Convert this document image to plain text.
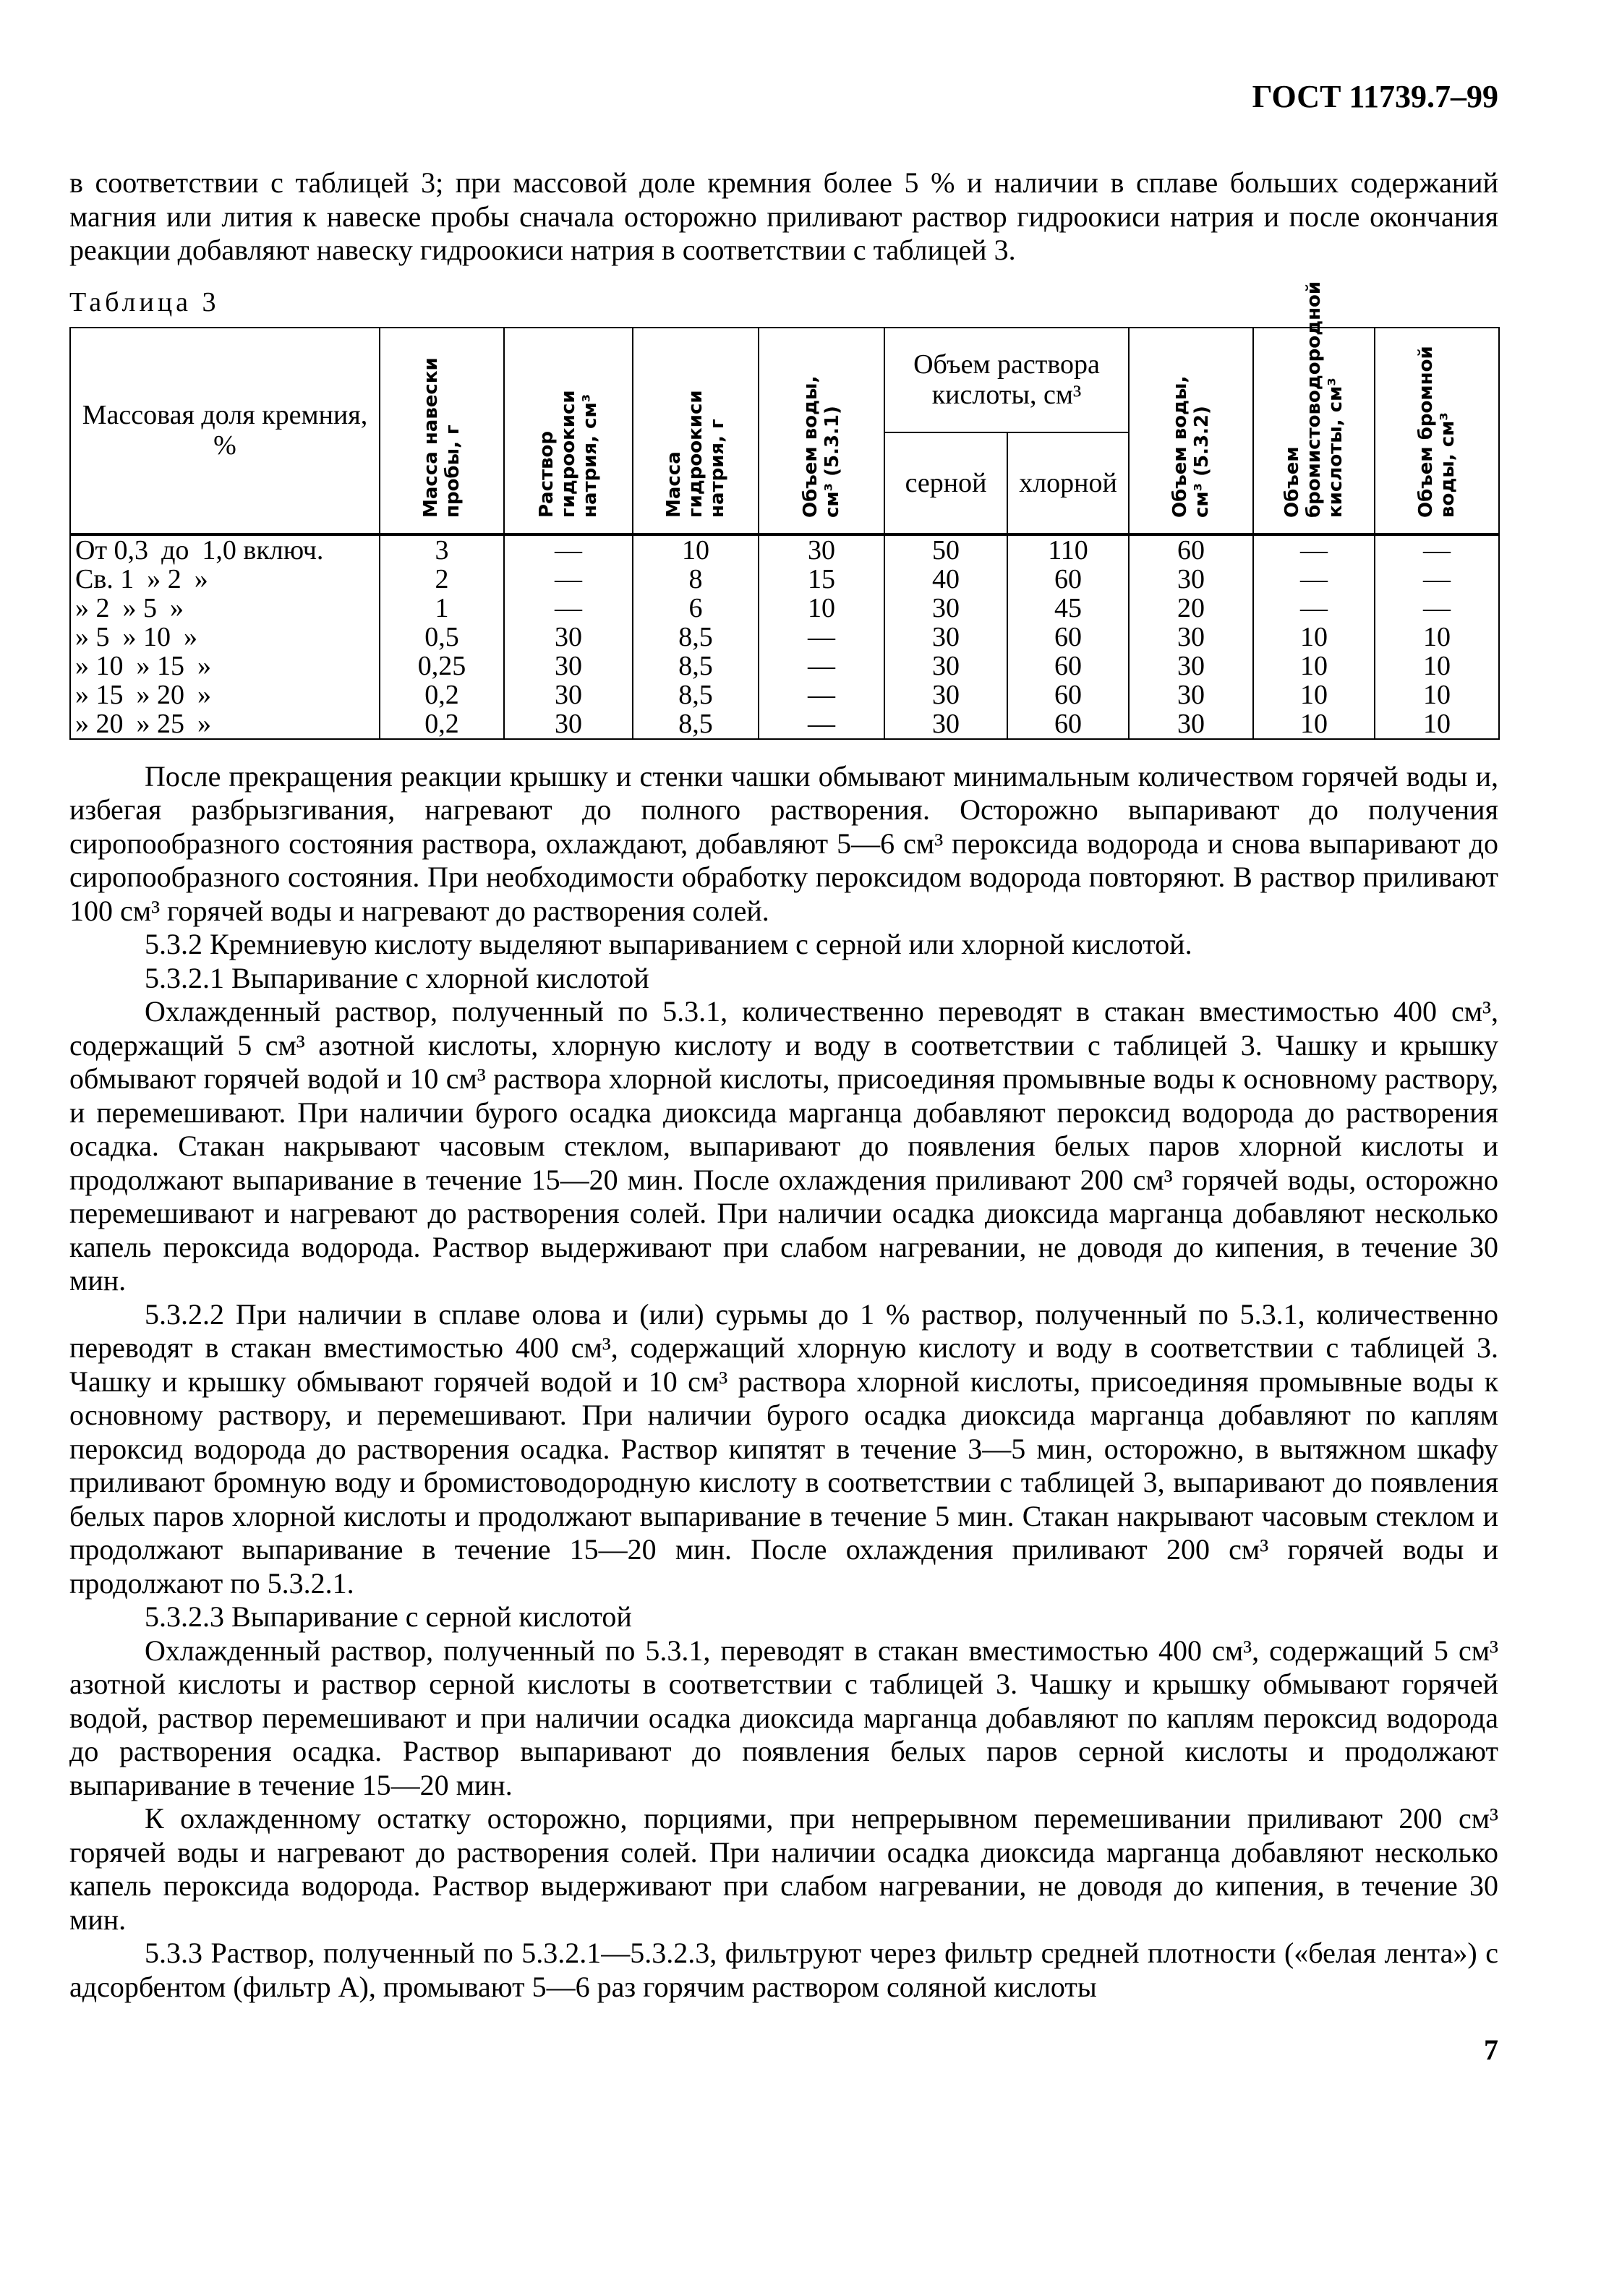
ГОСТ 11739.7–99

в соответствии с таблицей 3; при массовой доле кремния более 5 % и наличии в сплаве больших содержаний магния или лития к навеске пробы сначала осторожно приливают раствор гидроокиси натрия и после окончания реакции добавляют навеску гидроокиси натрия в соответствии с таблицей 3.

Таблица 3
Массовая доля кремния, %	Масса навески пробы, г	Раствор гидроокиси натрия, см³	Масса гидроокиси натрия, г	Объем воды, см³ (5.3.1)	Объем раствора кислоты, см³		Объем воды, см³ (5.3.2)	Объем бромистоводородной кислоты, см³	Объем бромной воды, см³
					серной	хлорной			
От 0,3 до 1,0 включ.	3	—	10	30	50	110	60	—	—
Св. 1 » 2 »	2	—	8	15	40	60	30	—	—
» 2 » 5 »	1	—	6	10	30	45	20	—	—
» 5 » 10 »	0,5	30	8,5	—	30	60	30	10	10
» 10 » 15 »	0,25	30	8,5	—	30	60	30	10	10
» 15 » 20 »	0,2	30	8,5	—	30	60	30	10	10
» 20 » 25 »	0,2	30	8,5	—	30	60	30	10	10

После прекращения реакции крышку и стенки чашки обмывают минимальным количеством горячей воды и, избегая разбрызгивания, нагревают до полного растворения. Осторожно выпаривают до получения сиропообразного состояния раствора, охлаждают, добавляют 5—6 см³ пероксида водорода и снова выпаривают до сиропообразного состояния. При необходимости обработку пероксидом водорода повторяют. В раствор приливают 100 см³ горячей воды и нагревают до растворения солей.

5.3.2 Кремниевую кислоту выделяют выпариванием с серной или хлорной кислотой.

5.3.2.1 Выпаривание с хлорной кислотой

Охлажденный раствор, полученный по 5.3.1, количественно переводят в стакан вместимостью 400 см³, содержащий 5 см³ азотной кислоты, хлорную кислоту и воду в соответствии с таблицей 3. Чашку и крышку обмывают горячей водой и 10 см³ раствора хлорной кислоты, присоединяя промывные воды к основному раствору, и перемешивают. При наличии бурого осадка диоксида марганца добавляют пероксид водорода до растворения осадка. Стакан накрывают часовым стеклом, выпаривают до появления белых паров хлорной кислоты и продолжают выпаривание в течение 15—20 мин. После охлаждения приливают 200 см³ горячей воды, осторожно перемешивают и нагревают до растворения солей. При наличии осадка диоксида марганца добавляют несколько капель пероксида водорода. Раствор выдерживают при слабом нагревании, не доводя до кипения, в течение 30 мин.

5.3.2.2 При наличии в сплаве олова и (или) сурьмы до 1 % раствор, полученный по 5.3.1, количественно переводят в стакан вместимостью 400 см³, содержащий хлорную кислоту и воду в соответствии с таблицей 3. Чашку и крышку обмывают горячей водой и 10 см³ раствора хлорной кислоты, присоединяя промывные воды к основному раствору, и перемешивают. При наличии бурого осадка диоксида марганца добавляют по каплям пероксид водорода до растворения осадка. Раствор кипятят в течение 3—5 мин, осторожно, в вытяжном шкафу приливают бромную воду и бромистоводородную кислоту в соответствии с таблицей 3, выпаривают до появления белых паров хлорной кислоты и продолжают выпаривание в течение 5 мин. Стакан накрывают часовым стеклом и продолжают выпаривание в течение 15—20 мин. После охлаждения приливают 200 см³ горячей воды и продолжают по 5.3.2.1.

5.3.2.3 Выпаривание с серной кислотой

Охлажденный раствор, полученный по 5.3.1, переводят в стакан вместимостью 400 см³, содержащий 5 см³ азотной кислоты и раствор серной кислоты в соответствии с таблицей 3. Чашку и крышку обмывают горячей водой, раствор перемешивают и при наличии осадка диоксида марганца добавляют по каплям пероксид водорода до растворения осадка. Раствор выпаривают до появления белых паров серной кислоты и продолжают выпаривание в течение 15—20 мин.

К охлажденному остатку осторожно, порциями, при непрерывном перемешивании приливают 200 см³ горячей воды и нагревают до растворения солей. При наличии осадка диоксида марганца добавляют несколько капель пероксида водорода. Раствор выдерживают при слабом нагревании, не доводя до кипения, в течение 30 мин.

5.3.3 Раствор, полученный по 5.3.2.1—5.3.2.3, фильтруют через фильтр средней плотности («белая лента») с адсорбентом (фильтр А), промывают 5—6 раз горячим раствором соляной кислоты

7
